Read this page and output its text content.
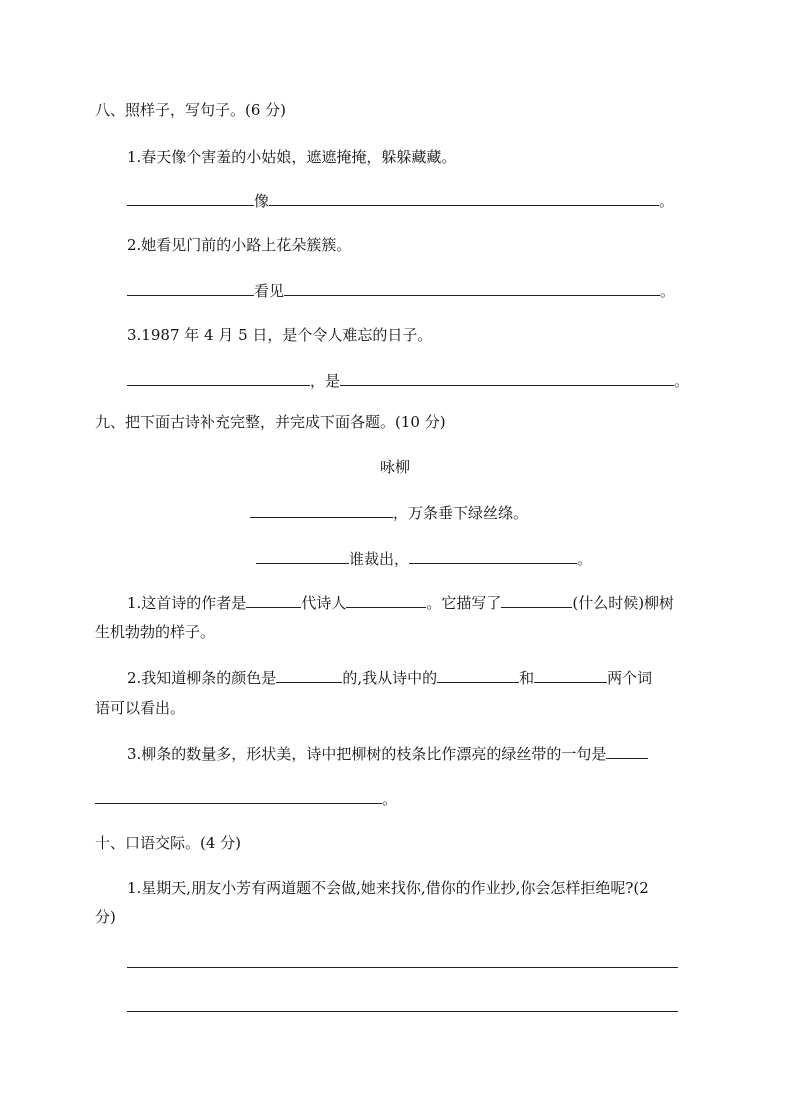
八、照样子，写句子。(6 分)
1.春天像个害羞的小姑娘，遮遮掩掩，躲躲藏藏。
像	。
2.她看见门前的小路上花朵簇簇。
看见	。
3.1987 年 4 月 5 日，是个令人难忘的日子。
，是	。
九、把下面古诗补充完整，并完成下面各题。(10 分)
咏柳
，万条垂下绿丝绦。
谁裁出，	。
1.这首诗的作者是	代诗人	。它描写了	(什么时候)柳树
生机勃勃的样子。
2.我知道柳条的颜色是	的,我从诗中的	和	两个词
语可以看出。
3.柳条的数量多，形状美，诗中把柳树的枝条比作漂亮的绿丝带的一句是
。
十、口语交际。(4 分)
1.星期天,朋友小芳有两道题不会做,她来找你,借你的作业抄,你会怎样拒绝呢?(2
分)
